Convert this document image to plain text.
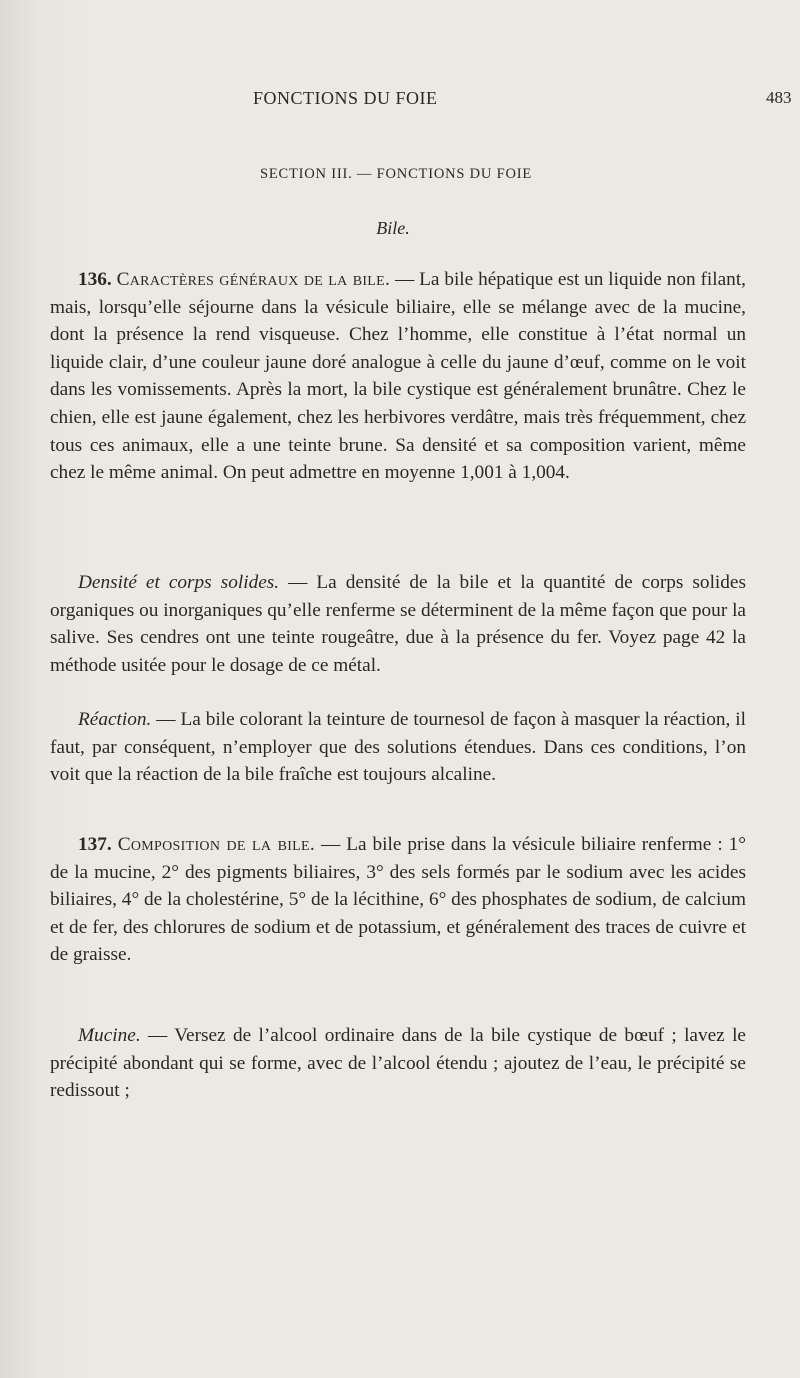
FONCTIONS DU FOIE	483
SECTION III. — FONCTIONS DU FOIE
Bile.

136. Caractères généraux de la bile. — La bile hépatique est un liquide non filant, mais, lorsqu’elle séjourne dans la vésicule biliaire, elle se mélange avec de la mucine, dont la présence la rend visqueuse. Chez l’homme, elle constitue à l’état normal un liquide clair, d’une couleur jaune doré analogue à celle du jaune d’œuf, comme on le voit dans les vomissements. Après la mort, la bile cystique est généralement brunâtre. Chez le chien, elle est jaune également, chez les herbivores verdâtre, mais très fréquemment, chez tous ces animaux, elle a une teinte brune. Sa densité et sa composition varient, même chez le même animal. On peut admettre en moyenne 1,001 à 1,004.

Densité et corps solides. — La densité de la bile et la quantité de corps solides organiques ou inorganiques qu’elle renferme se déterminent de la même façon que pour la salive. Ses cendres ont une teinte rougeâtre, due à la présence du fer. Voyez page 42 la méthode usitée pour le dosage de ce métal.

Réaction. — La bile colorant la teinture de tournesol de façon à masquer la réaction, il faut, par conséquent, n’employer que des solutions étendues. Dans ces conditions, l’on voit que la réaction de la bile fraîche est toujours alcaline.

137. Composition de la bile. — La bile prise dans la vésicule biliaire renferme : 1° de la mucine, 2° des pigments biliaires, 3° des sels formés par le sodium avec les acides biliaires, 4° de la cholestérine, 5° de la lécithine, 6° des phosphates de sodium, de calcium et de fer, des chlorures de sodium et de potassium, et généralement des traces de cuivre et de graisse.

Mucine. — Versez de l’alcool ordinaire dans de la bile cystique de bœuf ; lavez le précipité abondant qui se forme, avec de l’alcool étendu ; ajoutez de l’eau, le précipité se redissout ;
